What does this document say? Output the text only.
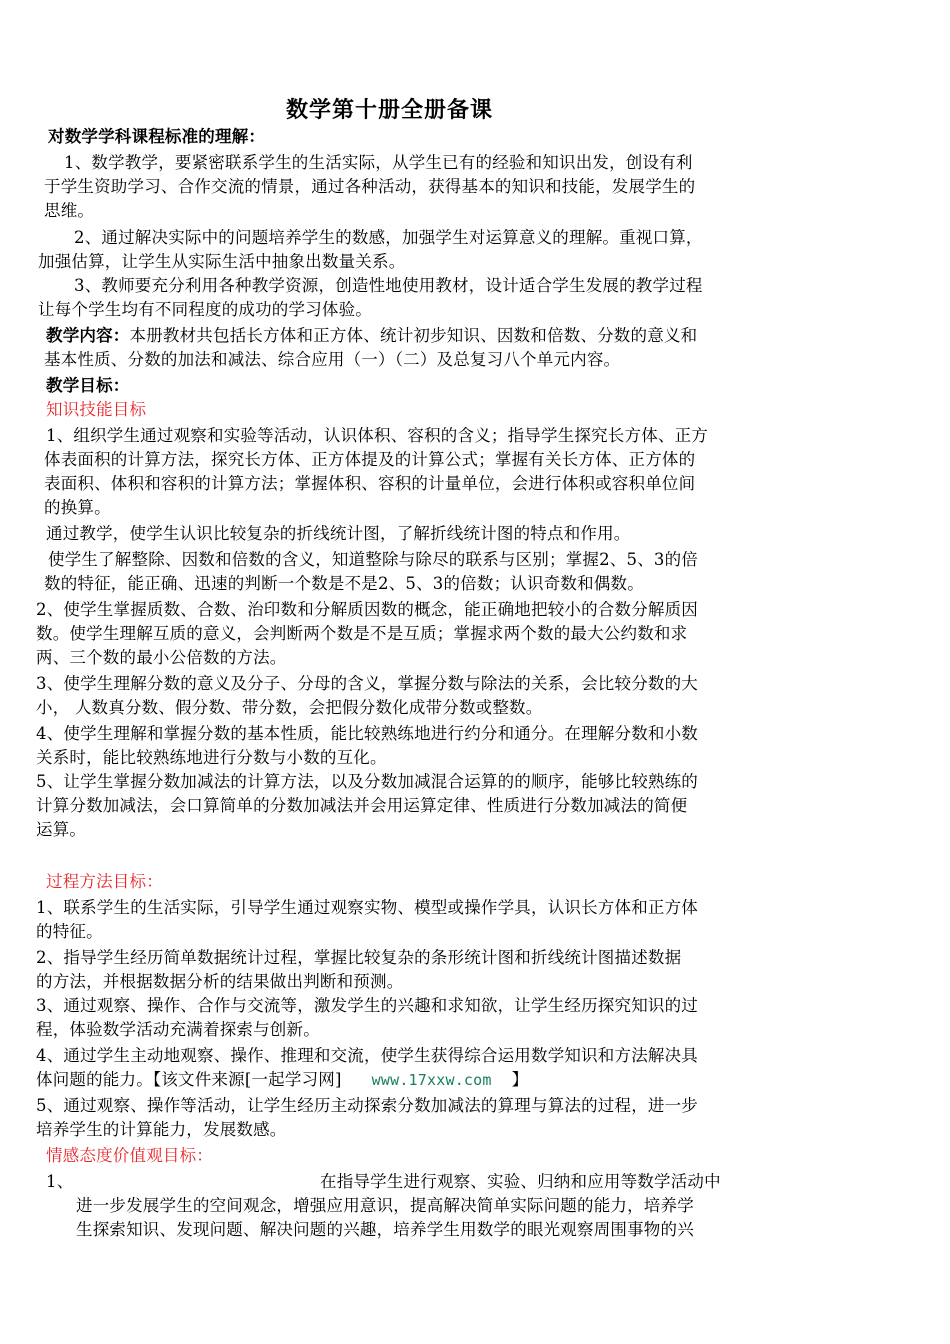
数学第十册全册备课
对数学学科课程标准的理解：
1、数学教学，要紧密联系学生的生活实际，从学生已有的经验和知识出发，创设有利
于学生资助学习、合作交流的情景，通过各种活动，获得基本的知识和技能，发展学生的
思维。
2、通过解决实际中的问题培养学生的数感，加强学生对运算意义的理解。重视口算，
加强估算，让学生从实际生活中抽象出数量关系。
3、教师要充分利用各种教学资源，创造性地使用教材，设计适合学生发展的教学过程
让每个学生均有不同程度的成功的学习体验。
教学内容：本册教材共包括长方体和正方体、统计初步知识、因数和倍数、分数的意义和
基本性质、分数的加法和减法、综合应用（一）（二）及总复习八个单元内容。
教学目标：
知识技能目标
1、组织学生通过观察和实验等活动，认识体积、容积的含义；指导学生探究长方体、正方
体表面积的计算方法，探究长方体、正方体提及的计算公式；掌握有关长方体、正方体的
表面积、体积和容积的计算方法；掌握体积、容积的计量单位，会进行体积或容积单位间
的换算。
通过教学，使学生认识比较复杂的折线统计图，了解折线统计图的特点和作用。
使学生了解整除、因数和倍数的含义，知道整除与除尽的联系与区别；掌握2、5、3的倍
数的特征，能正确、迅速的判断一个数是不是2、5、3的倍数；认识奇数和偶数。
2、使学生掌握质数、合数、治印数和分解质因数的概念，能正确地把较小的合数分解质因
数。使学生理解互质的意义，会判断两个数是不是互质；掌握求两个数的最大公约数和求
两、三个数的最小公倍数的方法。
3、使学生理解分数的意义及分子、分母的含义，掌握分数与除法的关系，会比较分数的大
小， 人数真分数、假分数、带分数，会把假分数化成带分数或整数。
4、使学生理解和掌握分数的基本性质，能比较熟练地进行约分和通分。在理解分数和小数
关系时，能比较熟练地进行分数与小数的互化。
5、让学生掌握分数加减法的计算方法，以及分数加减混合运算的的顺序，能够比较熟练的
计算分数加减法，会口算简单的分数加减法并会用运算定律、性质进行分数加减法的简便
运算。
过程方法目标：
1、联系学生的生活实际，引导学生通过观察实物、模型或操作学具，认识长方体和正方体
的特征。
2、指导学生经历简单数据统计过程，掌握比较复杂的条形统计图和折线统计图描述数据
的方法，并根据数据分析的结果做出判断和预测。
3、通过观察、操作、合作与交流等，激发学生的兴趣和求知欲，让学生经历探究知识的过
程，体验数学活动充满着探索与创新。
4、通过学生主动地观察、操作、推理和交流，使学生获得综合运用数学知识和方法解决具
体问题的能力。【该文件来源[一起学习网] www.17xxw.com 】
5、通过观察、操作等活动，让学生经历主动探索分数加减法的算理与算法的过程，进一步
培养学生的计算能力，发展数感。
情感态度价值观目标：
1、	在指导学生进行观察、实验、归纳和应用等数学活动中
进一步发展学生的空间观念，增强应用意识，提高解决简单实际问题的能力，培养学
生探索知识、发现问题、解决问题的兴趣，培养学生用数学的眼光观察周围事物的兴
